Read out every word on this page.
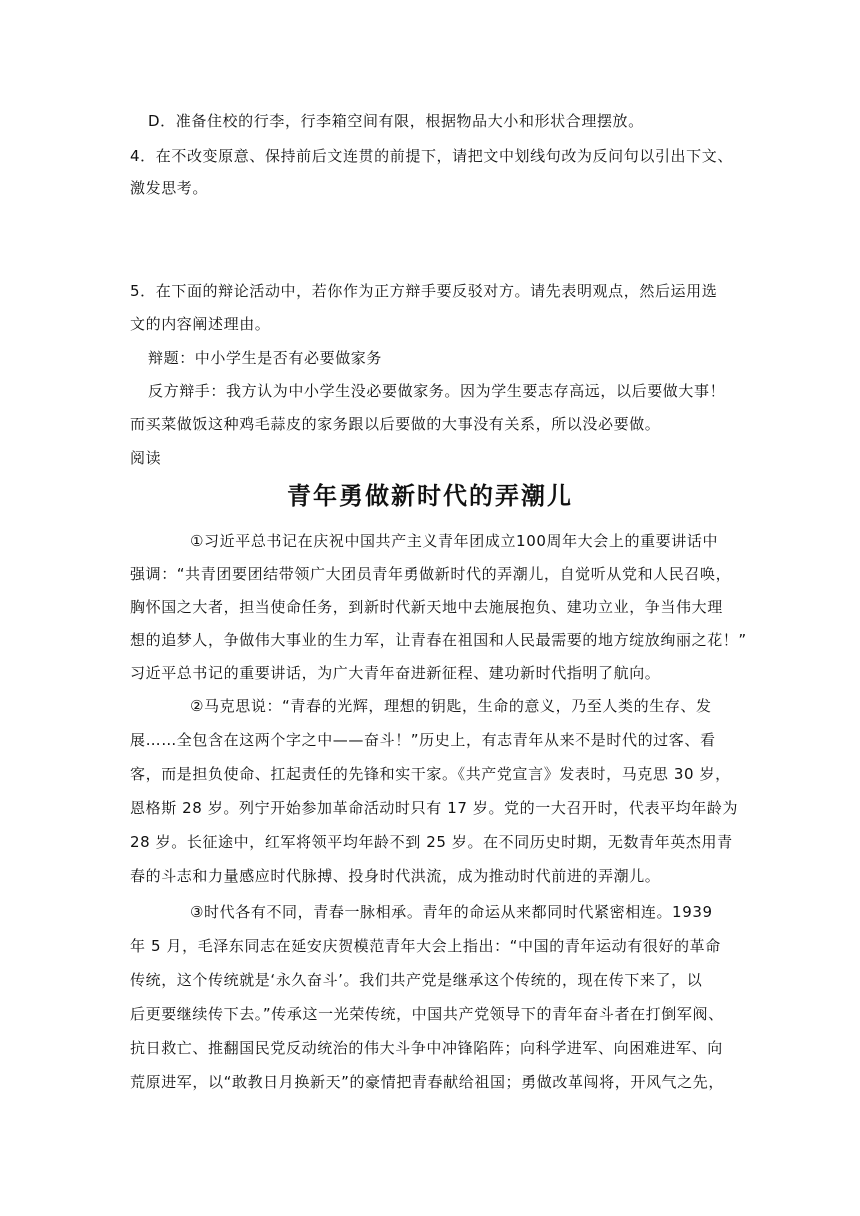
D．准备住校的行李，行李箱空间有限，根据物品大小和形状合理摆放。
4．在不改变原意、保持前后文连贯的前提下，请把文中划线句改为反问句以引出下文、
激发思考。
5．在下面的辩论活动中，若你作为正方辩手要反驳对方。请先表明观点，然后运用选
文的内容阐述理由。
辩题：中小学生是否有必要做家务
反方辩手：我方认为中小学生没必要做家务。因为学生要志存高远，以后要做大事！
而买菜做饭这种鸡毛蒜皮的家务跟以后要做的大事没有关系，所以没必要做。
阅读
青年勇做新时代的弄潮儿
①习近平总书记在庆祝中国共产主义青年团成立100周年大会上的重要讲话中
强调：“共青团要团结带领广大团员青年勇做新时代的弄潮儿，自觉听从党和人民召唤，
胸怀国之大者，担当使命任务，到新时代新天地中去施展抱负、建功立业，争当伟大理
想的追梦人，争做伟大事业的生力军，让青春在祖国和人民最需要的地方绽放绚丽之花！”
习近平总书记的重要讲话，为广大青年奋进新征程、建功新时代指明了航向。
②马克思说：“青春的光辉，理想的钥匙，生命的意义，乃至人类的生存、发
展……全包含在这两个字之中——奋斗！”历史上，有志青年从来不是时代的过客、看
客，而是担负使命、扛起责任的先锋和实干家。《共产党宣言》发表时，马克思 30 岁，
恩格斯 28 岁。列宁开始参加革命活动时只有 17 岁。党的一大召开时，代表平均年龄为
28 岁。长征途中，红军将领平均年龄不到 25 岁。在不同历史时期，无数青年英杰用青
春的斗志和力量感应时代脉搏、投身时代洪流，成为推动时代前进的弄潮儿。
③时代各有不同，青春一脉相承。青年的命运从来都同时代紧密相连。1939
年 5 月，毛泽东同志在延安庆贺模范青年大会上指出：“中国的青年运动有很好的革命
传统，这个传统就是‘永久奋斗’。我们共产党是继承这个传统的，现在传下来了，以
后更要继续传下去。”传承这一光荣传统，中国共产党领导下的青年奋斗者在打倒军阀、
抗日救亡、推翻国民党反动统治的伟大斗争中冲锋陷阵；向科学进军、向困难进军、向
荒原进军，以“敢教日月换新天”的豪情把青春献给祖国；勇做改革闯将，开风气之先，
